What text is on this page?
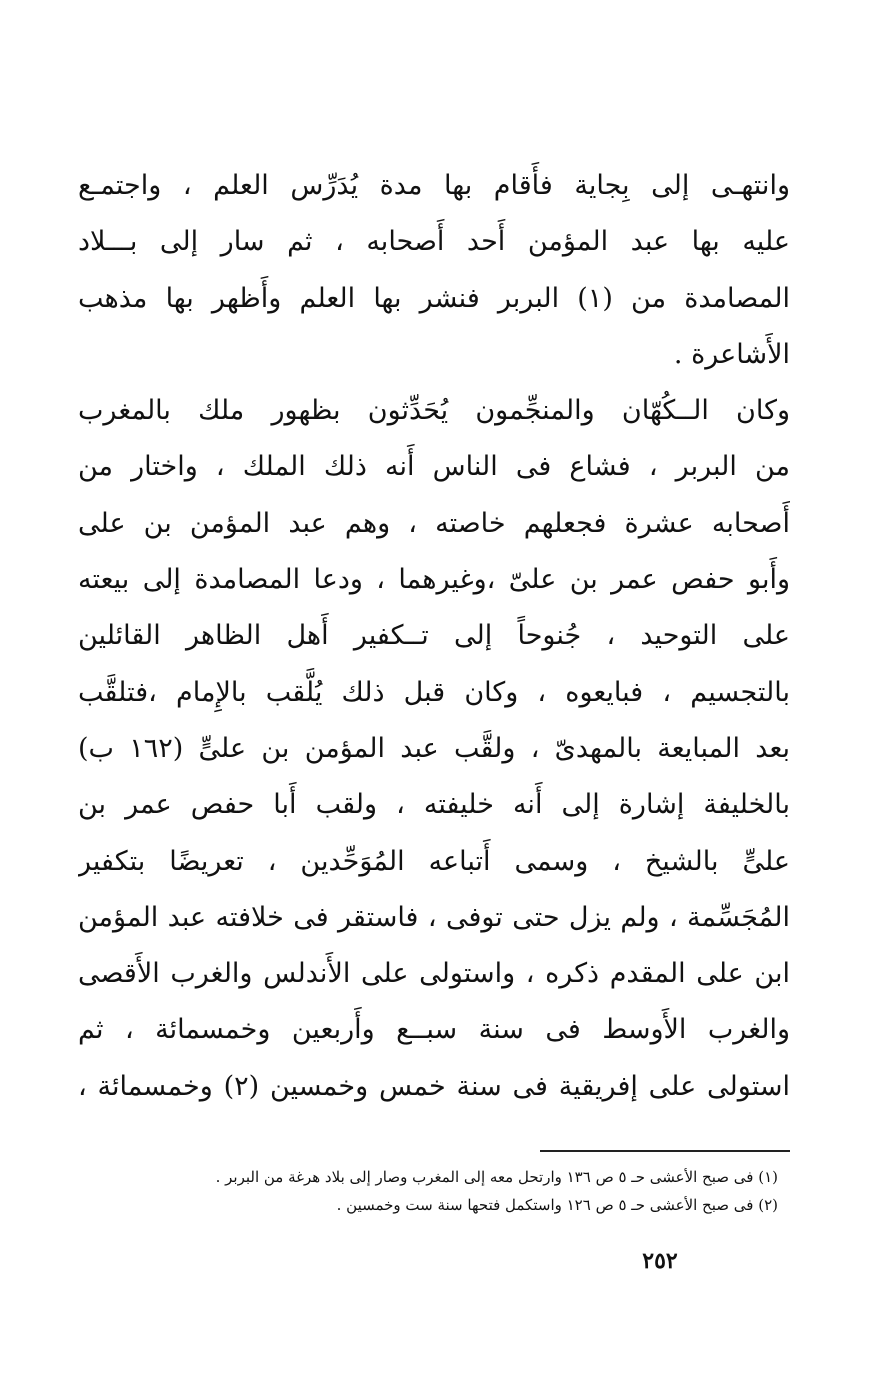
وانتهـى إلى بِجاية فأَقام بها مدة يُدَرِّس العلم ، واجتمـع
عليه بها عبد المؤمن أَحد أَصحابه ، ثم سار إلى بـــلاد
المصامدة من (١) البربر فنشر بها العلم وأَظهر بها مذهب
الأَشاعرة .
وكان الــكُهّان والمنجِّمون يُحَدِّثون بظهور ملك بالمغرب
من البربر ، فشاع فى الناس أَنه ذلك الملك ، واختار من
أَصحابه عشرة فجعلهم خاصته ، وهم عبد المؤمن بن على
وأَبو حفص عمر بن علىّ ،وغيرهما ، ودعا المصامدة إلى بيعته
على التوحيد ، جُنوحاً إلى تــكفير أَهل الظاهر القائلين
بالتجسيم ، فبايعوه ، وكان قبل ذلك يُلَّقب بالإِمام ،فتلقَّب
بعد المبايعة بالمهدىّ ، ولقَّب عبد المؤمن بن علىٍّ (١٦٢ ب)
بالخليفة إشارة إلى أَنه خليفته ، ولقب أَبا حفص عمر بن
علىٍّ بالشيخ ، وسمى أَتباعه المُوَحِّدين ، تعريضًا بتكفير
المُجَسِّمة ، ولم يزل حتى توفى ، فاستقر فى خلافته عبد المؤمن
ابن على المقدم ذكره ، واستولى على الأَندلس والغرب الأَقصى
والغرب الأَوسط فى سنة سبــع وأَربعين وخمسمائة ، ثم
استولى على إفريقية فى سنة خمس وخمسين (٢) وخمسمائة ،
(١) فى صبح الأعشى حـ ٥ ص ١٣٦ وارتحل معه إلى المغرب وصار إلى بلاد هرغة من البربر .
(٢) فى صبح الأعشى حـ ٥ ص ١٢٦ واستكمل فتحها سنة ست وخمسين .
٢٥٢
